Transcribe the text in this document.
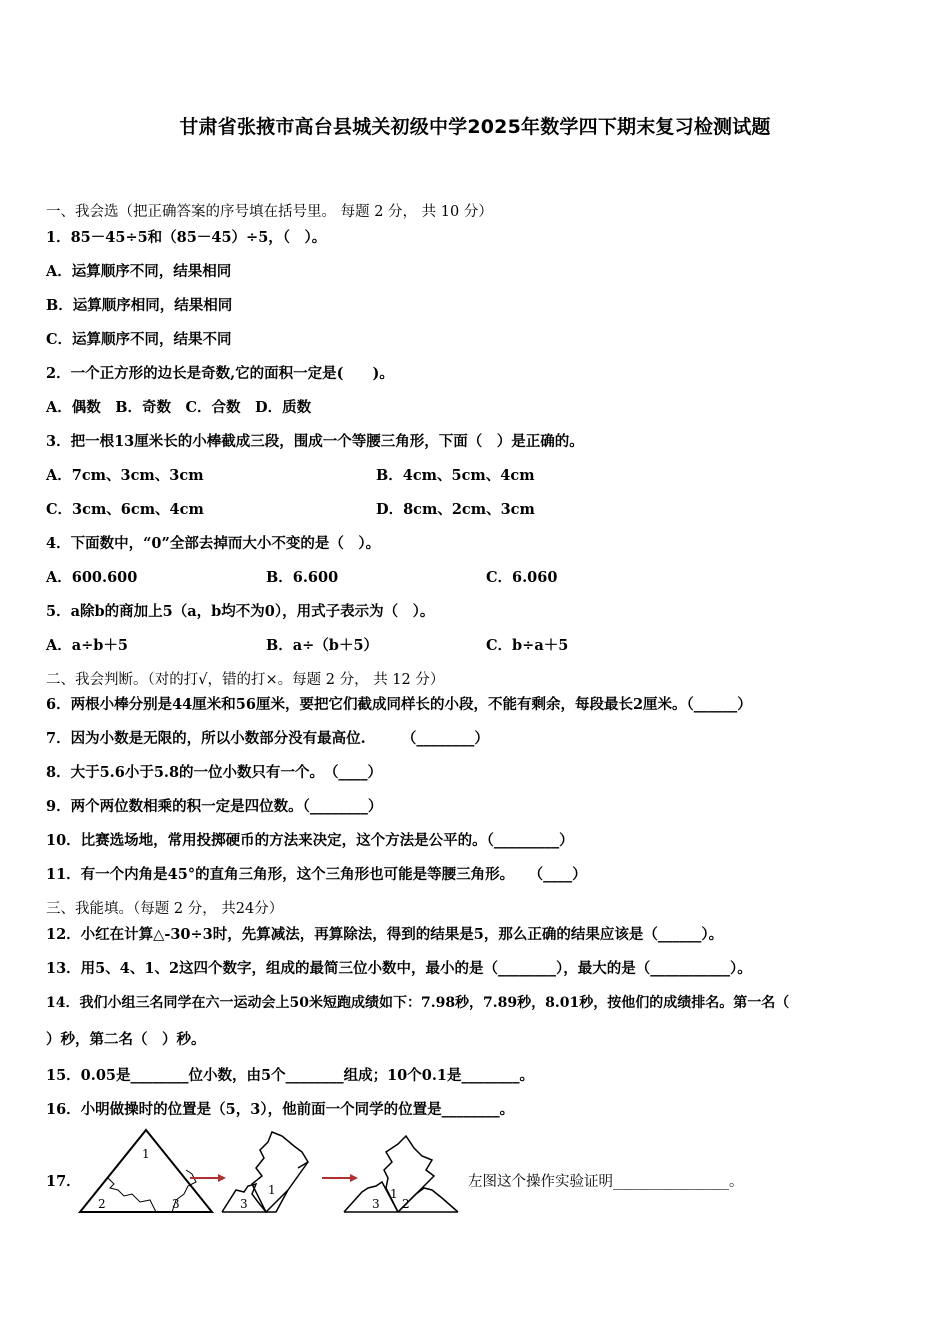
甘肃省张掖市高台县城关初级中学2025年数学四下期末复习检测试题
一、我会选（把正确答案的序号填在括号里。 每题 2 分， 共 10 分）
1．85－45÷5和（85－45）÷5，（　）。
A．运算顺序不同，结果相同
B．运算顺序相同，结果相同
C．运算顺序不同，结果不同
2．一个正方形的边长是奇数,它的面积一定是(　　)。
A．偶数　B．奇数　C．合数　D．质数
3．把一根13厘米长的小棒截成三段，围成一个等腰三角形，下面（　）是正确的。
A．7cm、3cm、3cm	B．4cm、5cm、4cm
C．3cm、6cm、4cm	D．8cm、2cm、3cm
4．下面数中，“0”全部去掉而大小不变的是（　）。
A．600.600	B．6.600	C．6.060
5．a除b的商加上5（a，b均不为0），用式子表示为（　）。
A．a÷b＋5	B．a÷（b＋5）	C．b÷a＋5
二、我会判断。（对的打√，错的打×。每题 2 分， 共 12 分）
6．两根小棒分别是44厘米和56厘米，要把它们截成同样长的小段，不能有剩余，每段最长2厘米。（______）
7．因为小数是无限的，所以小数部分没有最高位.　　　（________）
8．大于5.6小于5.8的一位小数只有一个。　（____）
9．两个两位数相乘的积一定是四位数。（________）
10．比赛选场地，常用投掷硬币的方法来决定，这个方法是公平的。（_________）
11．有一个内角是45°的直角三角形，这个三角形也可能是等腰三角形。　　（____）
三、我能填。（每题 2 分， 共24分）
12．小红在计算△-30÷3时，先算减法，再算除法，得到的结果是5，那么正确的结果应该是（______）。
13．用5、4、1、2这四个数字，组成的最简三位小数中，最小的是（________），最大的是（___________）。
14．我们小组三名同学在六一运动会上50米短跑成绩如下：7.98秒，7.89秒，8.01秒，按他们的成绩排名。第一名（
）秒，第二名（　）秒。
15．0.05是________位小数，由5个________组成；10个0.1是________。
16．小明做操时的位置是（5，3），他前面一个同学的位置是________。
17．
1
2	3
1
3	3
1
2
左图这个操作实验证明________________。
